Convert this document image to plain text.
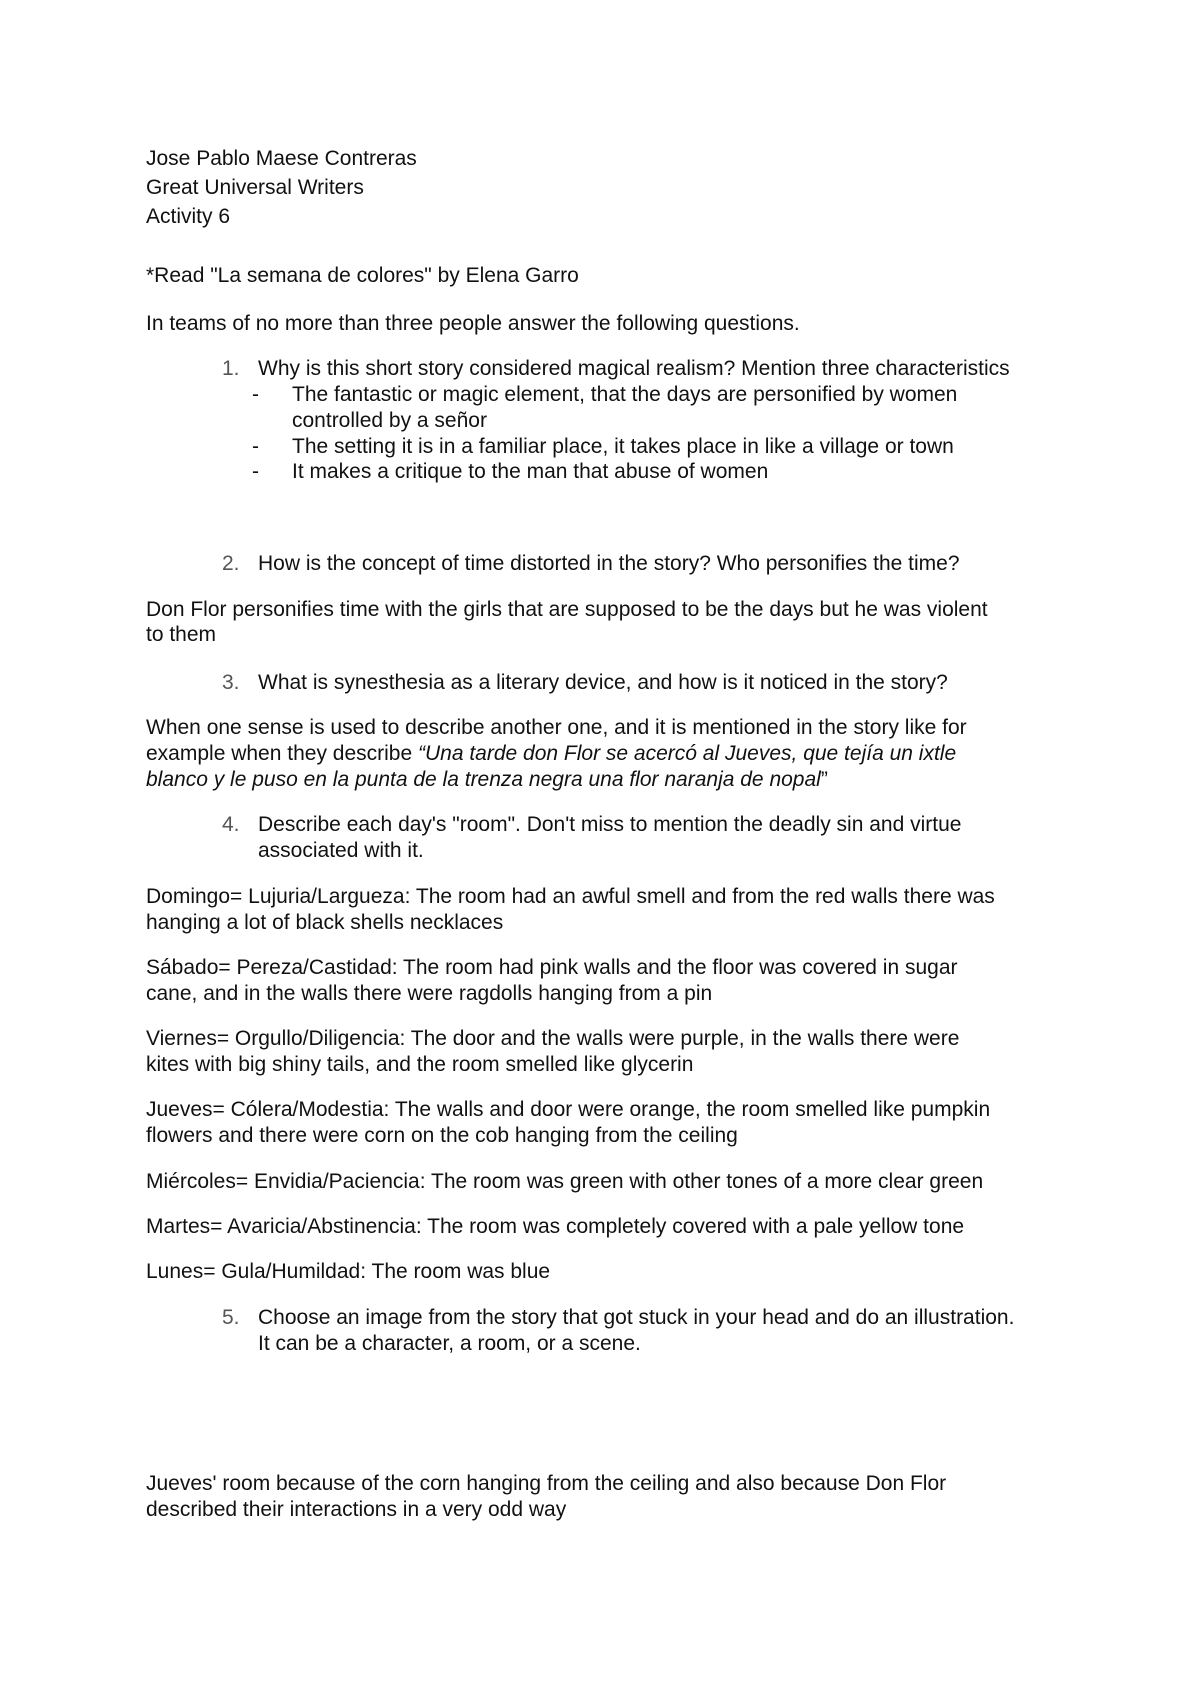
Jose Pablo Maese Contreras
Great Universal Writers
Activity 6
*Read "La semana de colores" by Elena Garro
In teams of no more than three people answer the following questions.
1. Why is this short story considered magical realism? Mention three characteristics
- The fantastic or magic element, that the days are personified by women
controlled by a señor
- The setting it is in a familiar place, it takes place in like a village or town
- It makes a critique to the man that abuse of women
2. How is the concept of time distorted in the story? Who personifies the time?
Don Flor personifies time with the girls that are supposed to be the days but he was violent
to them
3. What is synesthesia as a literary device, and how is it noticed in the story?
When one sense is used to describe another one, and it is mentioned in the story like for
example when they describe “Una tarde don Flor se acercó al Jueves, que tejía un ixtle
blanco y le puso en la punta de la trenza negra una flor naranja de nopal”
4. Describe each day's "room". Don't miss to mention the deadly sin and virtue
associated with it.
Domingo= Lujuria/Largueza: The room had an awful smell and from the red walls there was
hanging a lot of black shells necklaces
Sábado= Pereza/Castidad: The room had pink walls and the floor was covered in sugar
cane, and in the walls there were ragdolls hanging from a pin
Viernes= Orgullo/Diligencia: The door and the walls were purple, in the walls there were
kites with big shiny tails, and the room smelled like glycerin
Jueves= Cólera/Modestia: The walls and door were orange, the room smelled like pumpkin
flowers and there were corn on the cob hanging from the ceiling
Miércoles= Envidia/Paciencia: The room was green with other tones of a more clear green
Martes= Avaricia/Abstinencia: The room was completely covered with a pale yellow tone
Lunes= Gula/Humildad: The room was blue
5. Choose an image from the story that got stuck in your head and do an illustration.
It can be a character, a room, or a scene.
Jueves' room because of the corn hanging from the ceiling and also because Don Flor
described their interactions in a very odd way
